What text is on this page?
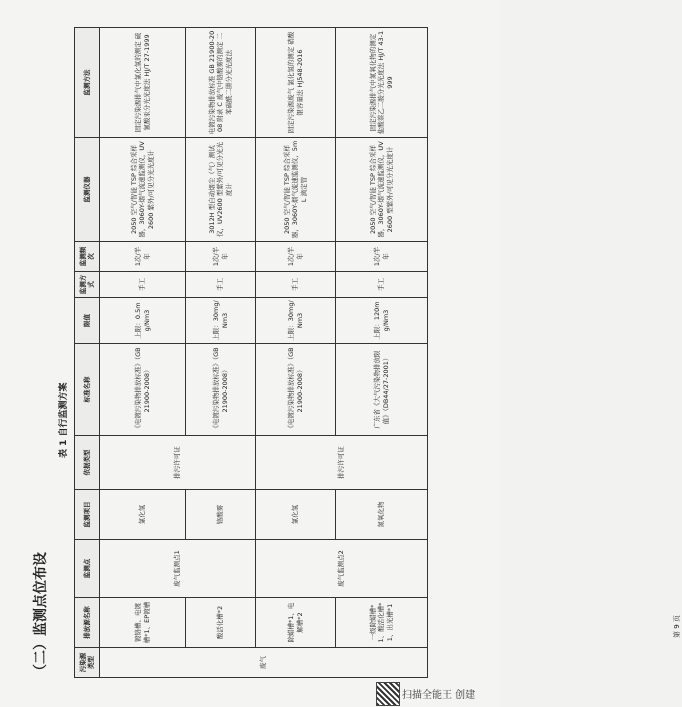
（二）监测点位布设
表 1 自行监测方案
污染源类型	排放源名称	监测点	监测项目	依据类型	标准名称	限值	监测方式	监测频次	监测仪器	监测方法
废气	镀铬槽、电镀槽*1、EP镀槽	废气监测点1	氯化氢	排污许可证	《电镀污染物排放标准》（GB 21900-2008）	上限：0.5mg/Nm3	手工	1次/半年	2050 空气/智能 TSP 综合采样器，3060Y-烟气流速监测仪，UV2600 紫外/可见分光光度计	固定污染源排气中氯化氢的测定 硫氰酸汞分光光度法 HJ/T 27-1999
	酸活化槽*2		铬酸雾		《电镀污染物排放标准》（GB 21900-2008）	上限：30mg/Nm3	手工	1次/半年	3012H 型自动烟尘（气）测试仪，UV2600 型紫外/可见分光光度计	电镀污染物排放标准 GB 21900-2008 附录 C 废气中铬酸雾的测定 二苯碳酰二肼分光光度法
	除蜡槽*1、电解槽*2	废气监测点2	氯化氢	排污许可证	《电镀污染物排放标准》（GB 21900-2008）	上限：30mg/Nm3	手工	1次/半年	2050 空气/智能 TSP 综合采样器，3060Y-烟气流速监测仪，5mL 滴定管	固定污染源废气 氯化氢的测定 硝酸银容量法 HJ548-2016
	一级除蜡槽*1、酸活化槽*1、出光槽*1		氮氧化物		广东省《大气污染物排放限值》（DB44/27-2001）	上限：120mg/Nm3	手工	1次/半年	2050 空气/智能 TSP 综合采样器，3060Y-烟气流速监测仪，UV2600 型紫外/可见分光光度计	固定污染源排气中氮氧化物的测定 盐酸萘乙二胺分光光度法 HJ/T 43-1999
第 9 页
扫描全能王 创建
